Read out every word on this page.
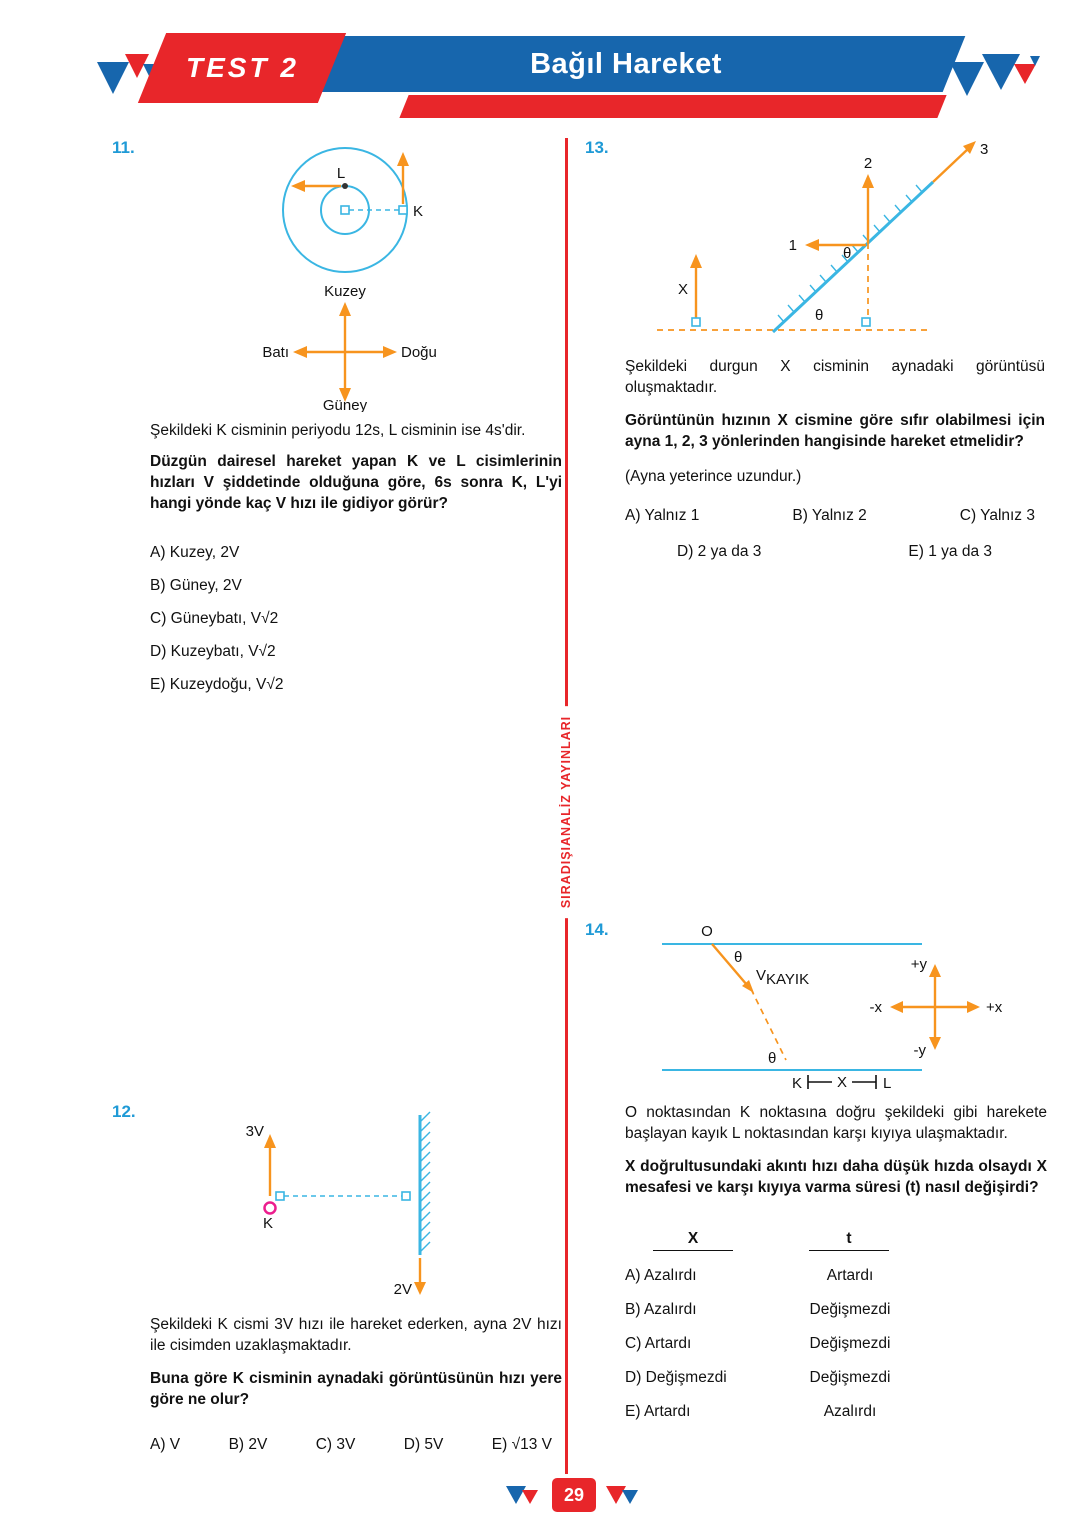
Bağıl Hareket
TEST 2
SIRADIŞIANALİZ YAYINLARI
11.
L
K
Kuzey
Güney
Batı	Doğu
Şekildeki K cisminin periyodu 12s, L cisminin ise 4s'dir.
Düzgün dairesel hareket yapan K ve L cisimlerinin hızları V şiddetinde olduğuna göre, 6s sonra K, L'yi hangi yönde kaç V hızı ile gidiyor görür?
A) Kuzey, 2V
B) Güney, 2V
C) Güneybatı, V√2
D) Kuzeybatı, V√2
E) Kuzeydoğu, V√2
12.
2V
3V
K
Şekildeki K cismi 3V hızı ile hareket ederken, ayna 2V hızı ile cisimden uzaklaşmaktadır.
Buna göre K cisminin aynadaki görüntüsünün hızı yere göre ne olur?
A) V	B) 2V	C) 3V	D) 5V	E) √13 V
13.	3
2
1	θ
θ
X
Şekildeki durgun X cisminin aynadaki görüntüsü oluşmaktadır.
Görüntünün hızının X cismine göre sıfır olabilmesi için ayna 1, 2, 3 yönlerinden hangisinde hareket etmelidir?
(Ayna yeterince uzundur.)
A) Yalnız 1	B) Yalnız 2	C) Yalnız 3
D) 2 ya da 3	E) 1 ya da 3
14.	O
θ
VKAYIK
θ
K X L
+y
-y
-x	+x
O noktasından K noktasına doğru şekildeki gibi harekete başlayan kayık L noktasından karşı kıyıya ulaşmaktadır.
X doğrultusundaki akıntı hızı daha düşük hızda olsaydı X mesafesi ve karşı kıyıya varma süresi (t) nasıl değişirdi?
X	t
A) Azalırdı	Artardı
B) Azalırdı	Değişmezdi
C) Artardı	Değişmezdi
D) Değişmezdi	Değişmezdi
E) Artardı	Azalırdı
29
